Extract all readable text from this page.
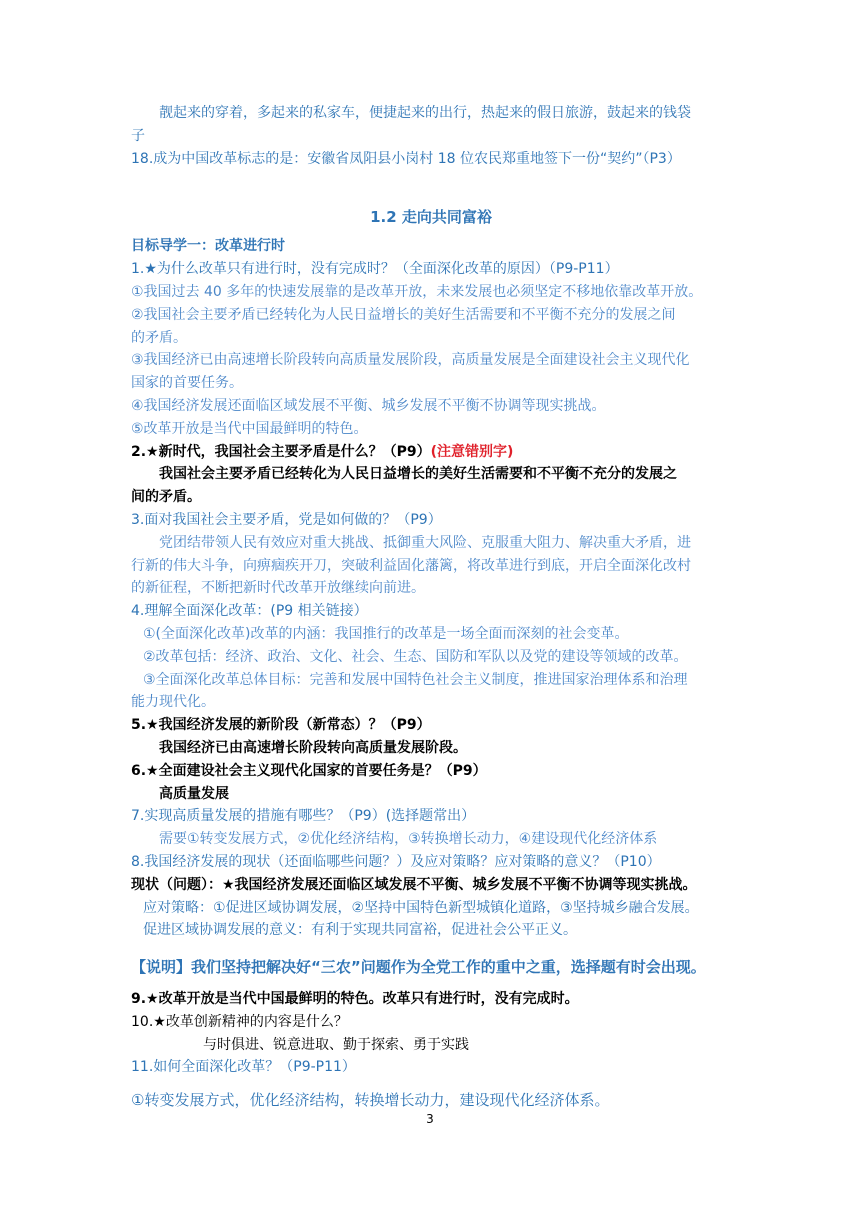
靓起来的穿着，多起来的私家车，便捷起来的出行，热起来的假日旅游，鼓起来的钱袋
子
18.成为中国改革标志的是：安徽省凤阳县小岗村 18 位农民郑重地签下一份“契约”（P3）
1.2 走向共同富裕
目标导学一：改革进行时
1.★为什么改革只有进行时，没有完成时？（全面深化改革的原因）（P9-P11）
①我国过去 40 多年的快速发展靠的是改革开放，未来发展也必须坚定不移地依靠改革开放。
②我国社会主要矛盾已经转化为人民日益增长的美好生活需要和不平衡不充分的发展之间
的矛盾。
③我国经济已由高速增长阶段转向高质量发展阶段，高质量发展是全面建设社会主义现代化
国家的首要任务。
④我国经济发展还面临区域发展不平衡、城乡发展不平衡不协调等现实挑战。
⑤改革开放是当代中国最鲜明的特色。
2.★新时代，我国社会主要矛盾是什么？（P9）(注意错别字)
我国社会主要矛盾已经转化为人民日益增长的美好生活需要和不平衡不充分的发展之
间的矛盾。
3.面对我国社会主要矛盾，党是如何做的？（P9）
党团结带领人民有效应对重大挑战、抵御重大风险、克服重大阻力、解决重大矛盾，进
行新的伟大斗争，向痹痼疾开刀，突破利益固化藩篱，将改革进行到底，开启全面深化改村
的新征程，不断把新时代改革开放继续向前进。
4.理解全面深化改革：(P9 相关链接）
①(全面深化改革)改革的内涵：我国推行的改革是一场全面而深刻的社会变革。
②改革包括：经济、政治、文化、社会、生态、国防和军队以及党的建设等领域的改革。
③全面深化改革总体目标：完善和发展中国特色社会主义制度，推进国家治理体系和治理
能力现代化。
5.★我国经济发展的新阶段（新常态）？（P9）
我国经济已由高速增长阶段转向高质量发展阶段。
6.★全面建设社会主义现代化国家的首要任务是？（P9）
高质量发展
7.实现高质量发展的措施有哪些？（P9）(选择题常出）
需要①转变发展方式，②优化经济结构，③转换增长动力，④建设现代化经济体系
8.我国经济发展的现状（还面临哪些问题？）及应对策略？应对策略的意义？（P10）
现状（问题）：★我国经济发展还面临区域发展不平衡、城乡发展不平衡不协调等现实挑战。
应对策略：①促进区域协调发展，②坚持中国特色新型城镇化道路，③坚持城乡融合发展。
促进区域协调发展的意义：有利于实现共同富裕，促进社会公平正义。
【说明】我们坚持把解决好“三农”问题作为全党工作的重中之重，选择题有时会出现。
9.★改革开放是当代中国最鲜明的特色。改革只有进行时，没有完成时。
10.★改革创新精神的内容是什么？
与时俱进、锐意进取、勤于探索、勇于实践
11.如何全面深化改革？（P9-P11）
①转变发展方式，优化经济结构，转换增长动力，建设现代化经济体系。
3
